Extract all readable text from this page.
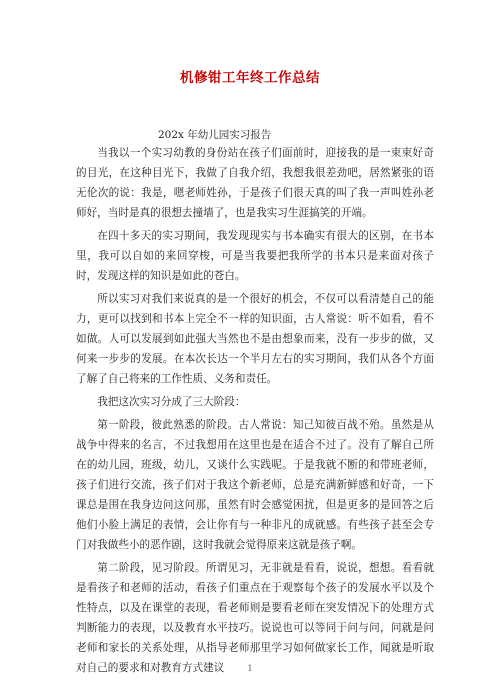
机修钳工年终工作总结
202x 年幼儿园实习报告

当我以一个实习幼教的身份站在孩子们面前时，迎接我的是一束束好奇的目光，在这种目光下，我做了自我介绍，我想我很差劲吧，居然紧张的语无伦次的说：我是，嗯老师姓孙，于是孩子们很天真的叫了我一声叫姓孙老师好，当时是真的很想去撞墙了，也是我实习生涯搞笑的开端。

在四十多天的实习期间，我发现现实与书本确实有很大的区别，在书本里，我可以自如的来回穿梭，可是当我要把我所学的书本只是来面对孩子时，发现这样的知识是如此的苍白。

所以实习对我们来说真的是一个很好的机会，不仅可以看清楚自己的能力，更可以找到和书本上完全不一样的知识面，古人常说：听不如看，看不如做。人可以发展到如此强大当然也不是由想象而来，没有一步步的做，又何来一步步的发展。在本次长达一个半月左右的实习期间，我们从各个方面了解了自己将来的工作性质、义务和责任。

我把这次实习分成了三大阶段：

第一阶段，彼此熟悉的阶段。古人常说：知己知彼百战不殆。虽然是从战争中得来的名言，不过我想用在这里也是在适合不过了。没有了解自己所在的幼儿园，班级，幼儿，又谈什么实践呢。于是我就不断的和带班老师，孩子们进行交流，孩子们对于我这个新老师，总是充满新鲜感和好奇，一下课总是围在我身边问这问那，虽然有时会感觉困扰，但是更多的是回答之后他们小脸上满足的表情，会让你有与一种非凡的成就感。有些孩子甚至会专门对我做些小的恶作剧，这时我就会觉得原来这就是孩子啊。

第二阶段，见习阶段。所谓见习，无非就是看看，说说，想想。看看就是看孩子和老师的活动，看孩子们重点在于观察每个孩子的发展水平以及个性特点，以及在课堂的表现，看老师则是要看老师在突发情况下的处理方式判断能力的表现，以及教育水平技巧。说说也可以等同于问与问，问就是问老师和家长的关系处理，从指导老师那里学习如何做家长工作，闻就是听取对自己的要求和对教育方式建议	1
